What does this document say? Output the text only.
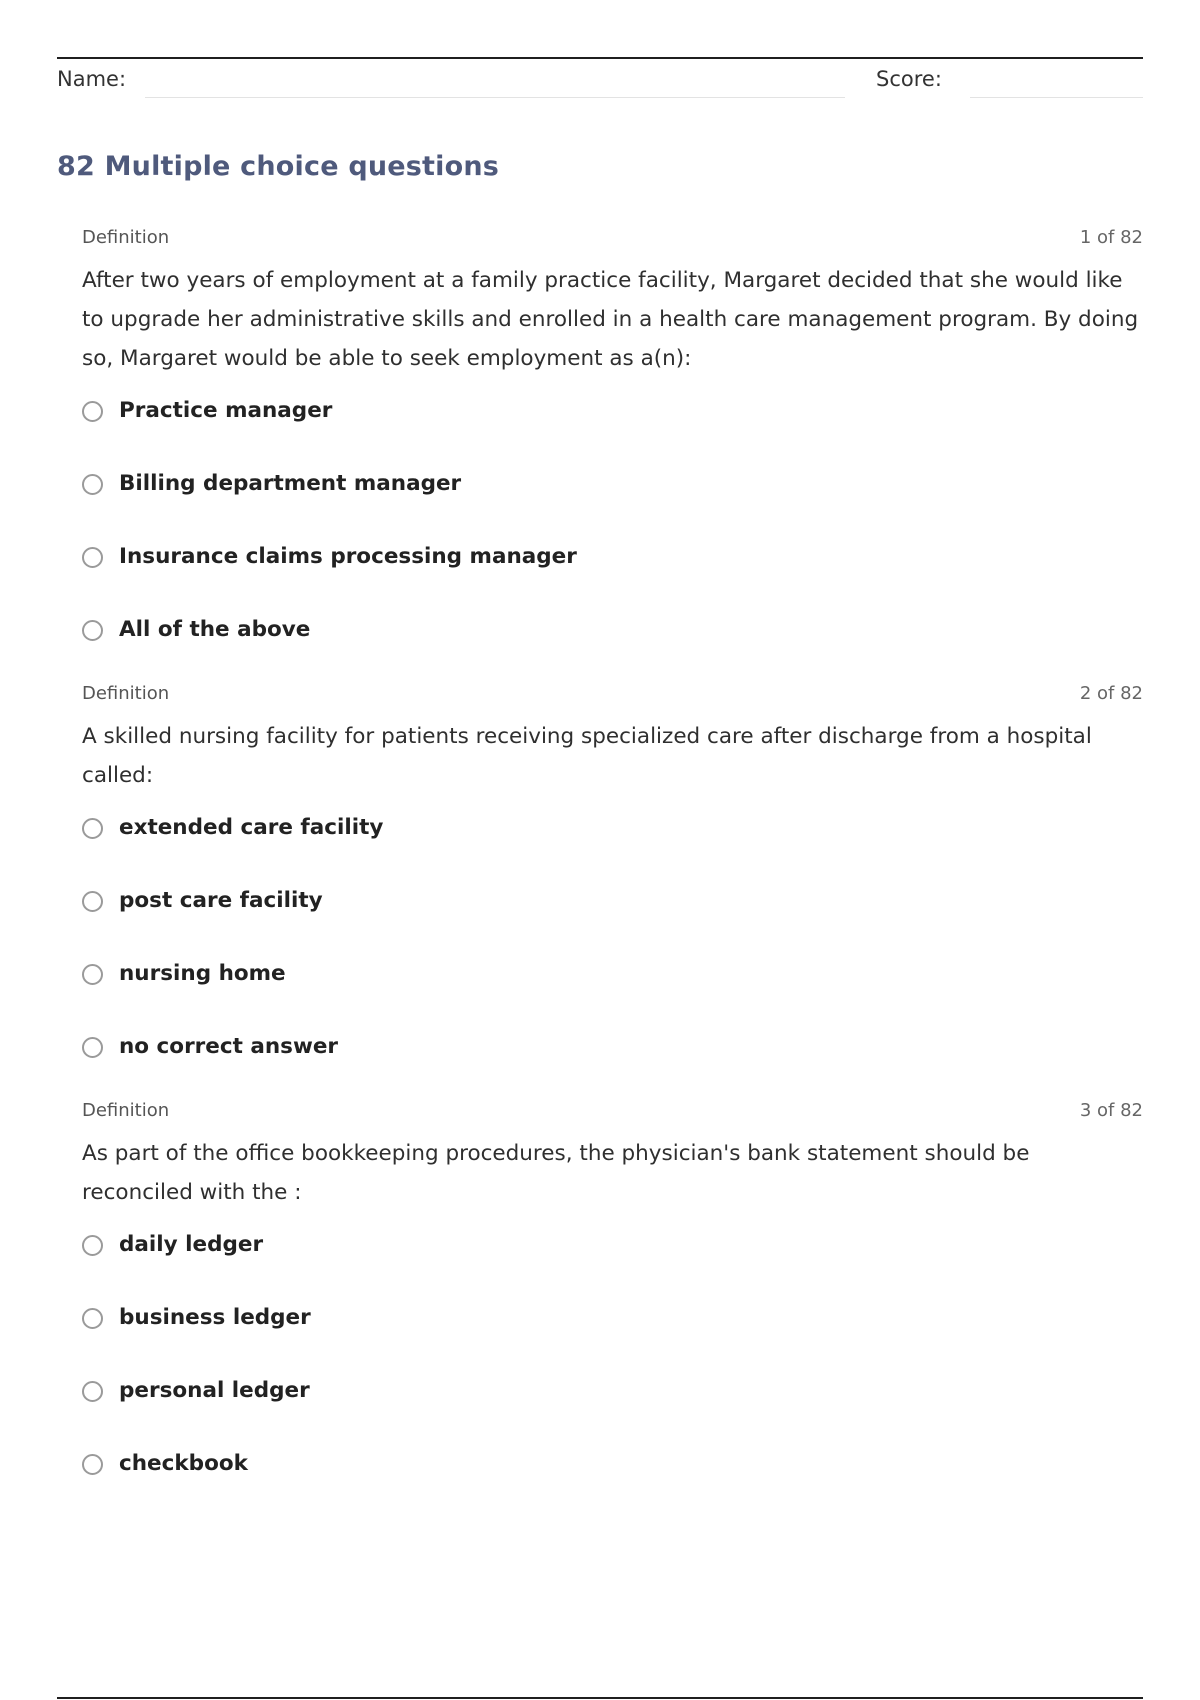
Name:	Score:
82 Multiple choice questions
Definition	1 of 82
After two years of employment at a family practice facility, Margaret decided that she would like to upgrade her administrative skills and enrolled in a health care management program. By doing so, Margaret would be able to seek employment as a(n):
Practice manager
Billing department manager
Insurance claims processing manager
All of the above
Definition	2 of 82
A skilled nursing facility for patients receiving specialized care after discharge from a hospital called:
extended care facility
post care facility
nursing home
no correct answer
Definition	3 of 82
As part of the office bookkeeping procedures, the physician's bank statement should be reconciled with the :
daily ledger
business ledger
personal ledger
checkbook
